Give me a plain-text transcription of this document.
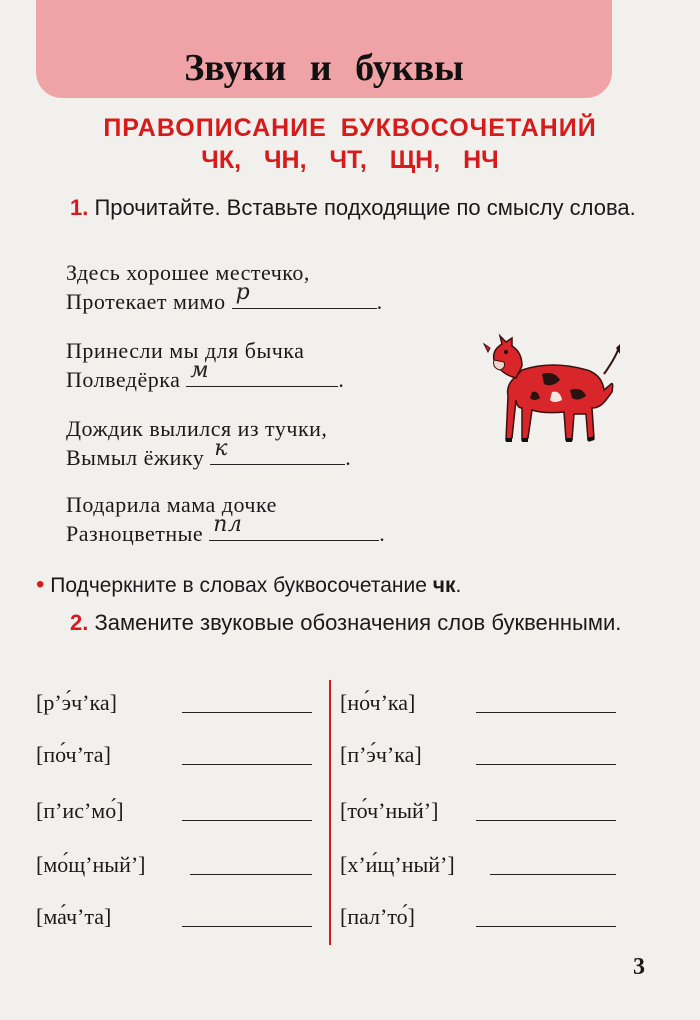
Звуки и буквы
ПРАВОПИСАНИЕ БУКВОСОЧЕТАНИЙ
ЧК, ЧН, ЧТ, ЩН, НЧ
1. Прочитайте. Вставьте подходящие по смыслу слова.
Здесь хорошее местечко,
Протекает мимо р	.
Принесли мы для бычка
Полведёрка м	.
Дождик вылился из тучки,
Вымыл ёжику к	.
Подарила мама дочке
Разноцветные пл	.
• Подчеркните в словах буквосочетание чк.
2. Замените звуковые обозначения слов буквенными.
[р’э́ч’ка]	[но́ч’ка]
[по́ч’та]	[п’э́ч’ка]
[п’ис’мо́]	[то́ч’ный’]
[мо́щ’ный’]	[х’и́щ’ный’]
[ма́ч’та]	[пал’то́]
3
